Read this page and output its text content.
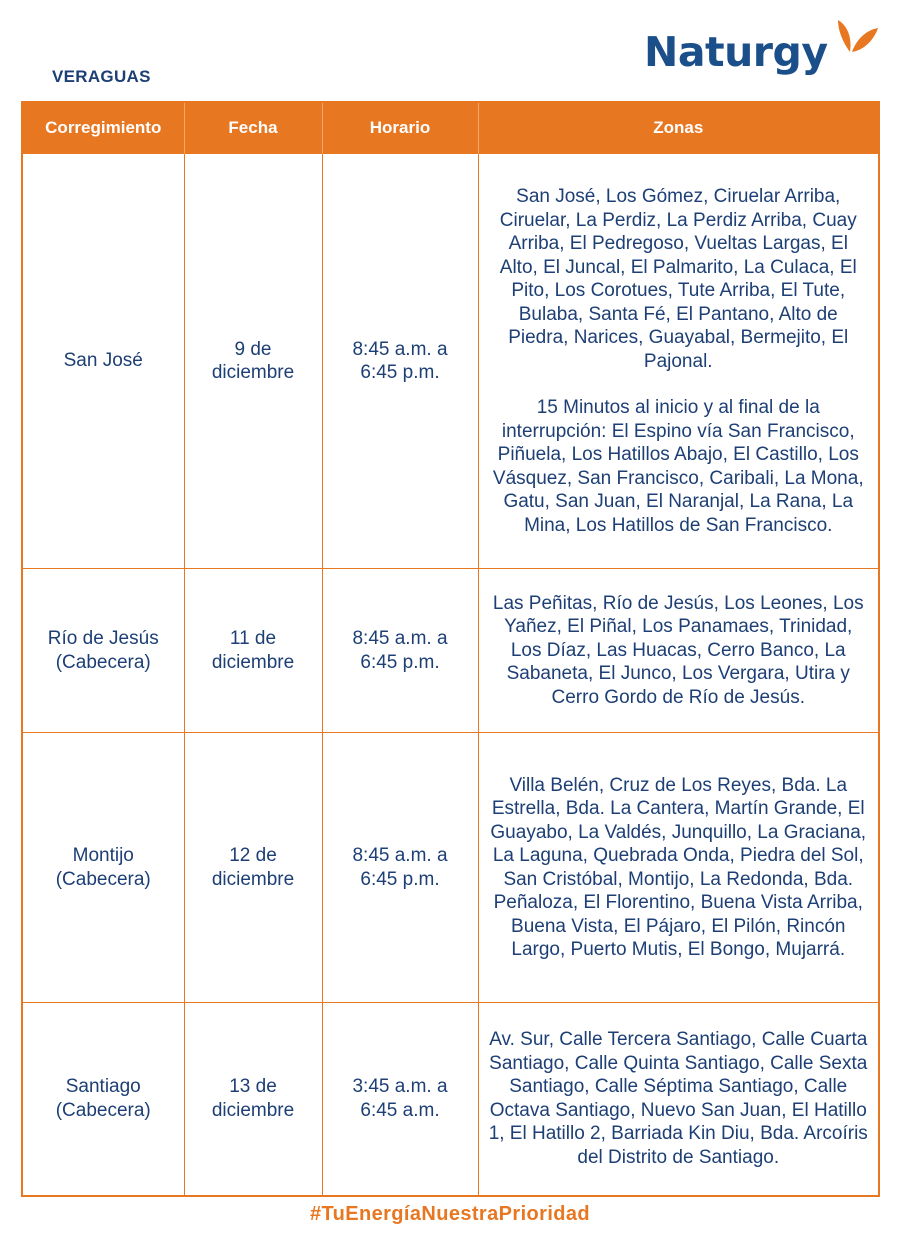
VERAGUAS
Naturgy
Corregimiento	Fecha	Horario	Zonas
San José	9 de diciembre	8:45 a.m. a 6:45 p.m.	San José, Los Gómez, Ciruelar Arriba, Ciruelar, La Perdiz, La Perdiz Arriba, Cuay Arriba, El Pedregoso, Vueltas Largas, El Alto, El Juncal, El Palmarito, La Culaca, El Pito, Los Corotues, Tute Arriba, El Tute, Bulaba, Santa Fé, El Pantano, Alto de Piedra, Narices, Guayabal, Bermejito, El Pajonal.
15 Minutos al inicio y al final de la interrupción: El Espino vía San Francisco, Piñuela, Los Hatillos Abajo, El Castillo, Los Vásquez, San Francisco, Caribali, La Mona, Gatu, San Juan, El Naranjal, La Rana, La Mina, Los Hatillos de San Francisco.

Río de Jesús (Cabecera)	11 de diciembre	8:45 a.m. a 6:45 p.m.	Las Peñitas, Río de Jesús, Los Leones, Los Yañez, El Piñal, Los Panamaes, Trinidad, Los Díaz, Las Huacas, Cerro Banco, La Sabaneta, El Junco, Los Vergara, Utira y Cerro Gordo de Río de Jesús.

Montijo (Cabecera)	12 de diciembre	8:45 a.m. a 6:45 p.m.	Villa Belén, Cruz de Los Reyes, Bda. La Estrella, Bda. La Cantera, Martín Grande, El Guayabo, La Valdés, Junquillo, La Graciana, La Laguna, Quebrada Onda, Piedra del Sol, San Cristóbal, Montijo, La Redonda, Bda. Peñaloza, El Florentino, Buena Vista Arriba, Buena Vista, El Pájaro, El Pilón, Rincón Largo, Puerto Mutis, El Bongo, Mujarrá.

Santiago (Cabecera)	13 de diciembre	3:45 a.m. a 6:45 a.m.	Av. Sur, Calle Tercera Santiago, Calle Cuarta Santiago, Calle Quinta Santiago, Calle Sexta Santiago, Calle Séptima Santiago, Calle Octava Santiago, Nuevo San Juan, El Hatillo 1, El Hatillo 2, Barriada Kin Diu, Bda. Arcoíris del Distrito de Santiago.
#TuEnergíaNuestraPrioridad
